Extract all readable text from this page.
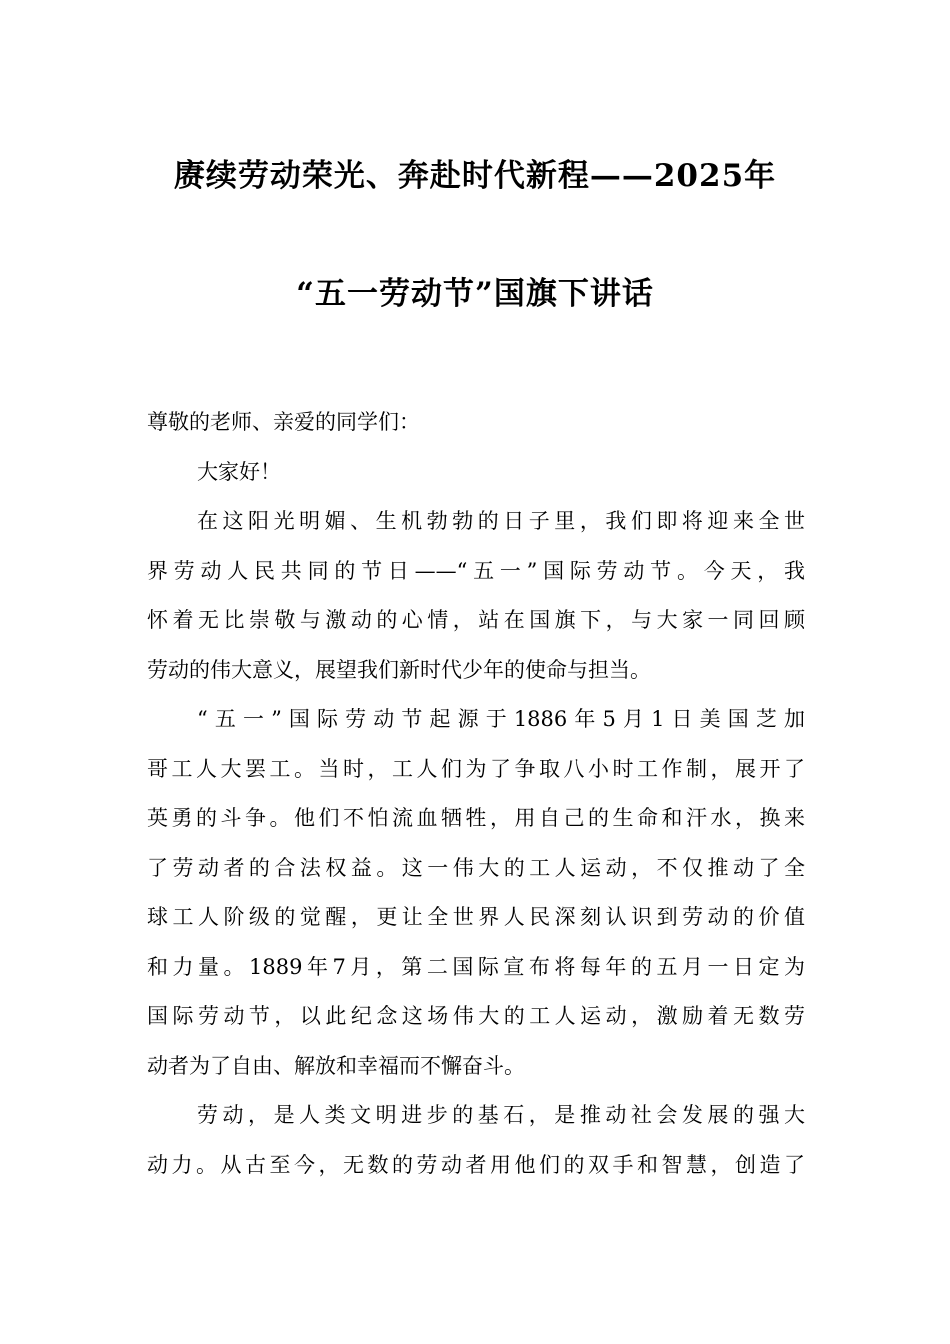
赓续劳动荣光、奔赴时代新程——2025年
“五一劳动节”国旗下讲话
尊敬的老师、亲爱的同学们：
大家好！
在这阳光明媚、生机勃勃的日子里，我们即将迎来全世
界劳动人民共同的节日——“五一”国际劳动节。今天，我
怀着无比崇敬与激动的心情，站在国旗下，与大家一同回顾
劳动的伟大意义，展望我们新时代少年的使命与担当。
“五一”国际劳动节起源于1886年5月1日美国芝加
哥工人大罢工。当时，工人们为了争取八小时工作制，展开了
英勇的斗争。他们不怕流血牺牲，用自己的生命和汗水，换来
了劳动者的合法权益。这一伟大的工人运动，不仅推动了全
球工人阶级的觉醒，更让全世界人民深刻认识到劳动的价值
和力量。1889年7月，第二国际宣布将每年的五月一日定为
国际劳动节，以此纪念这场伟大的工人运动，激励着无数劳
动者为了自由、解放和幸福而不懈奋斗。
劳动，是人类文明进步的基石，是推动社会发展的强大
动力。从古至今，无数的劳动者用他们的双手和智慧，创造了
